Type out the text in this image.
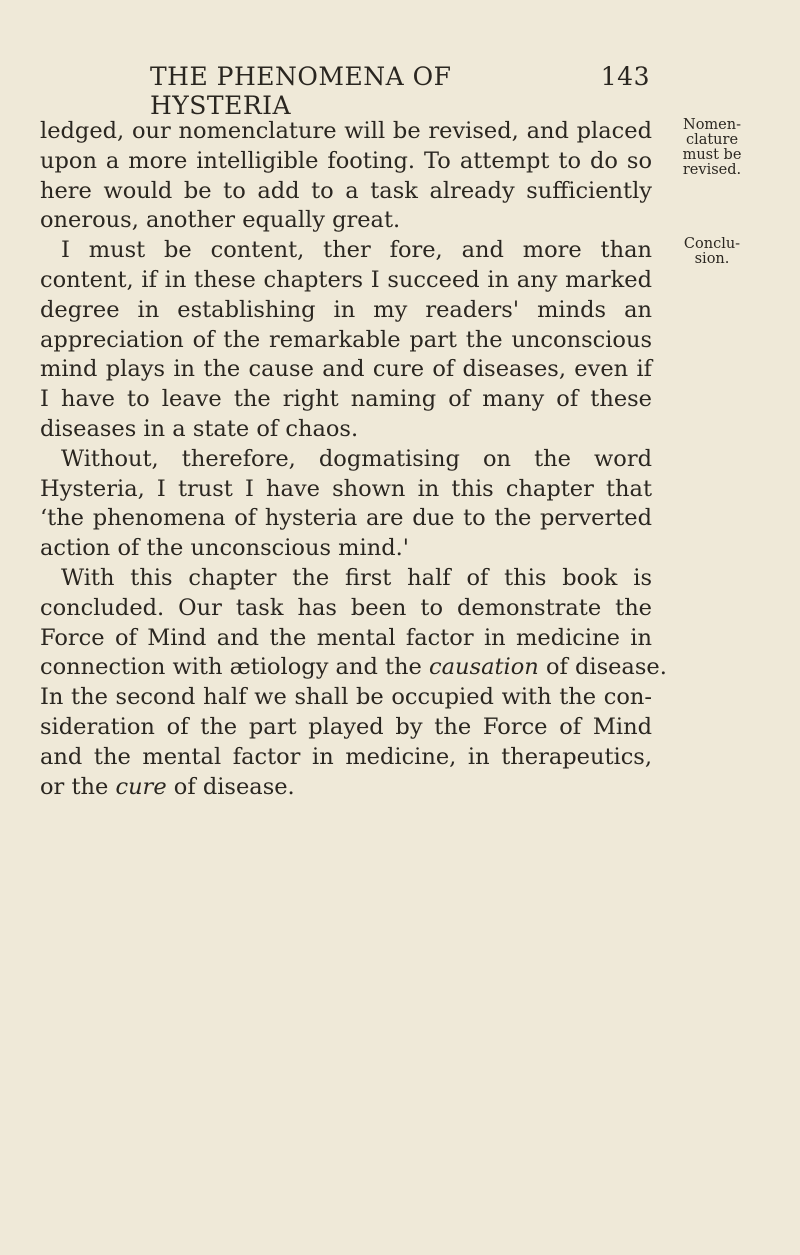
THE PHENOMENA OF HYSTERIA
143
ledged, our nomenclature will be revised, and placed
upon a more intelligible footing. To attempt to do so
here would be to add to a task already sufficiently
onerous, another equally great.
I must be content, ther fore, and more than
content, if in these chapters I succeed in any marked
degree in establishing in my readers' minds an
appreciation of the remarkable part the unconscious
mind plays in the cause and cure of diseases, even if
I have to leave the right naming of many of these
diseases in a state of chaos.
Without, therefore, dogmatising on the word
Hysteria, I trust I have shown in this chapter that
‘the phenomena of hysteria are due to the perverted
action of the unconscious mind.'
With this chapter the first half of this book is
concluded. Our task has been to demonstrate the
Force of Mind and the mental factor in medicine in
connection with ætiology and the causation of disease.
In the second half we shall be occupied with the con-
sideration of the part played by the Force of Mind
and the mental factor in medicine, in therapeutics,
or the cure of disease.
Nomen-
clature
must be
revised.
Conclu-
sion.
